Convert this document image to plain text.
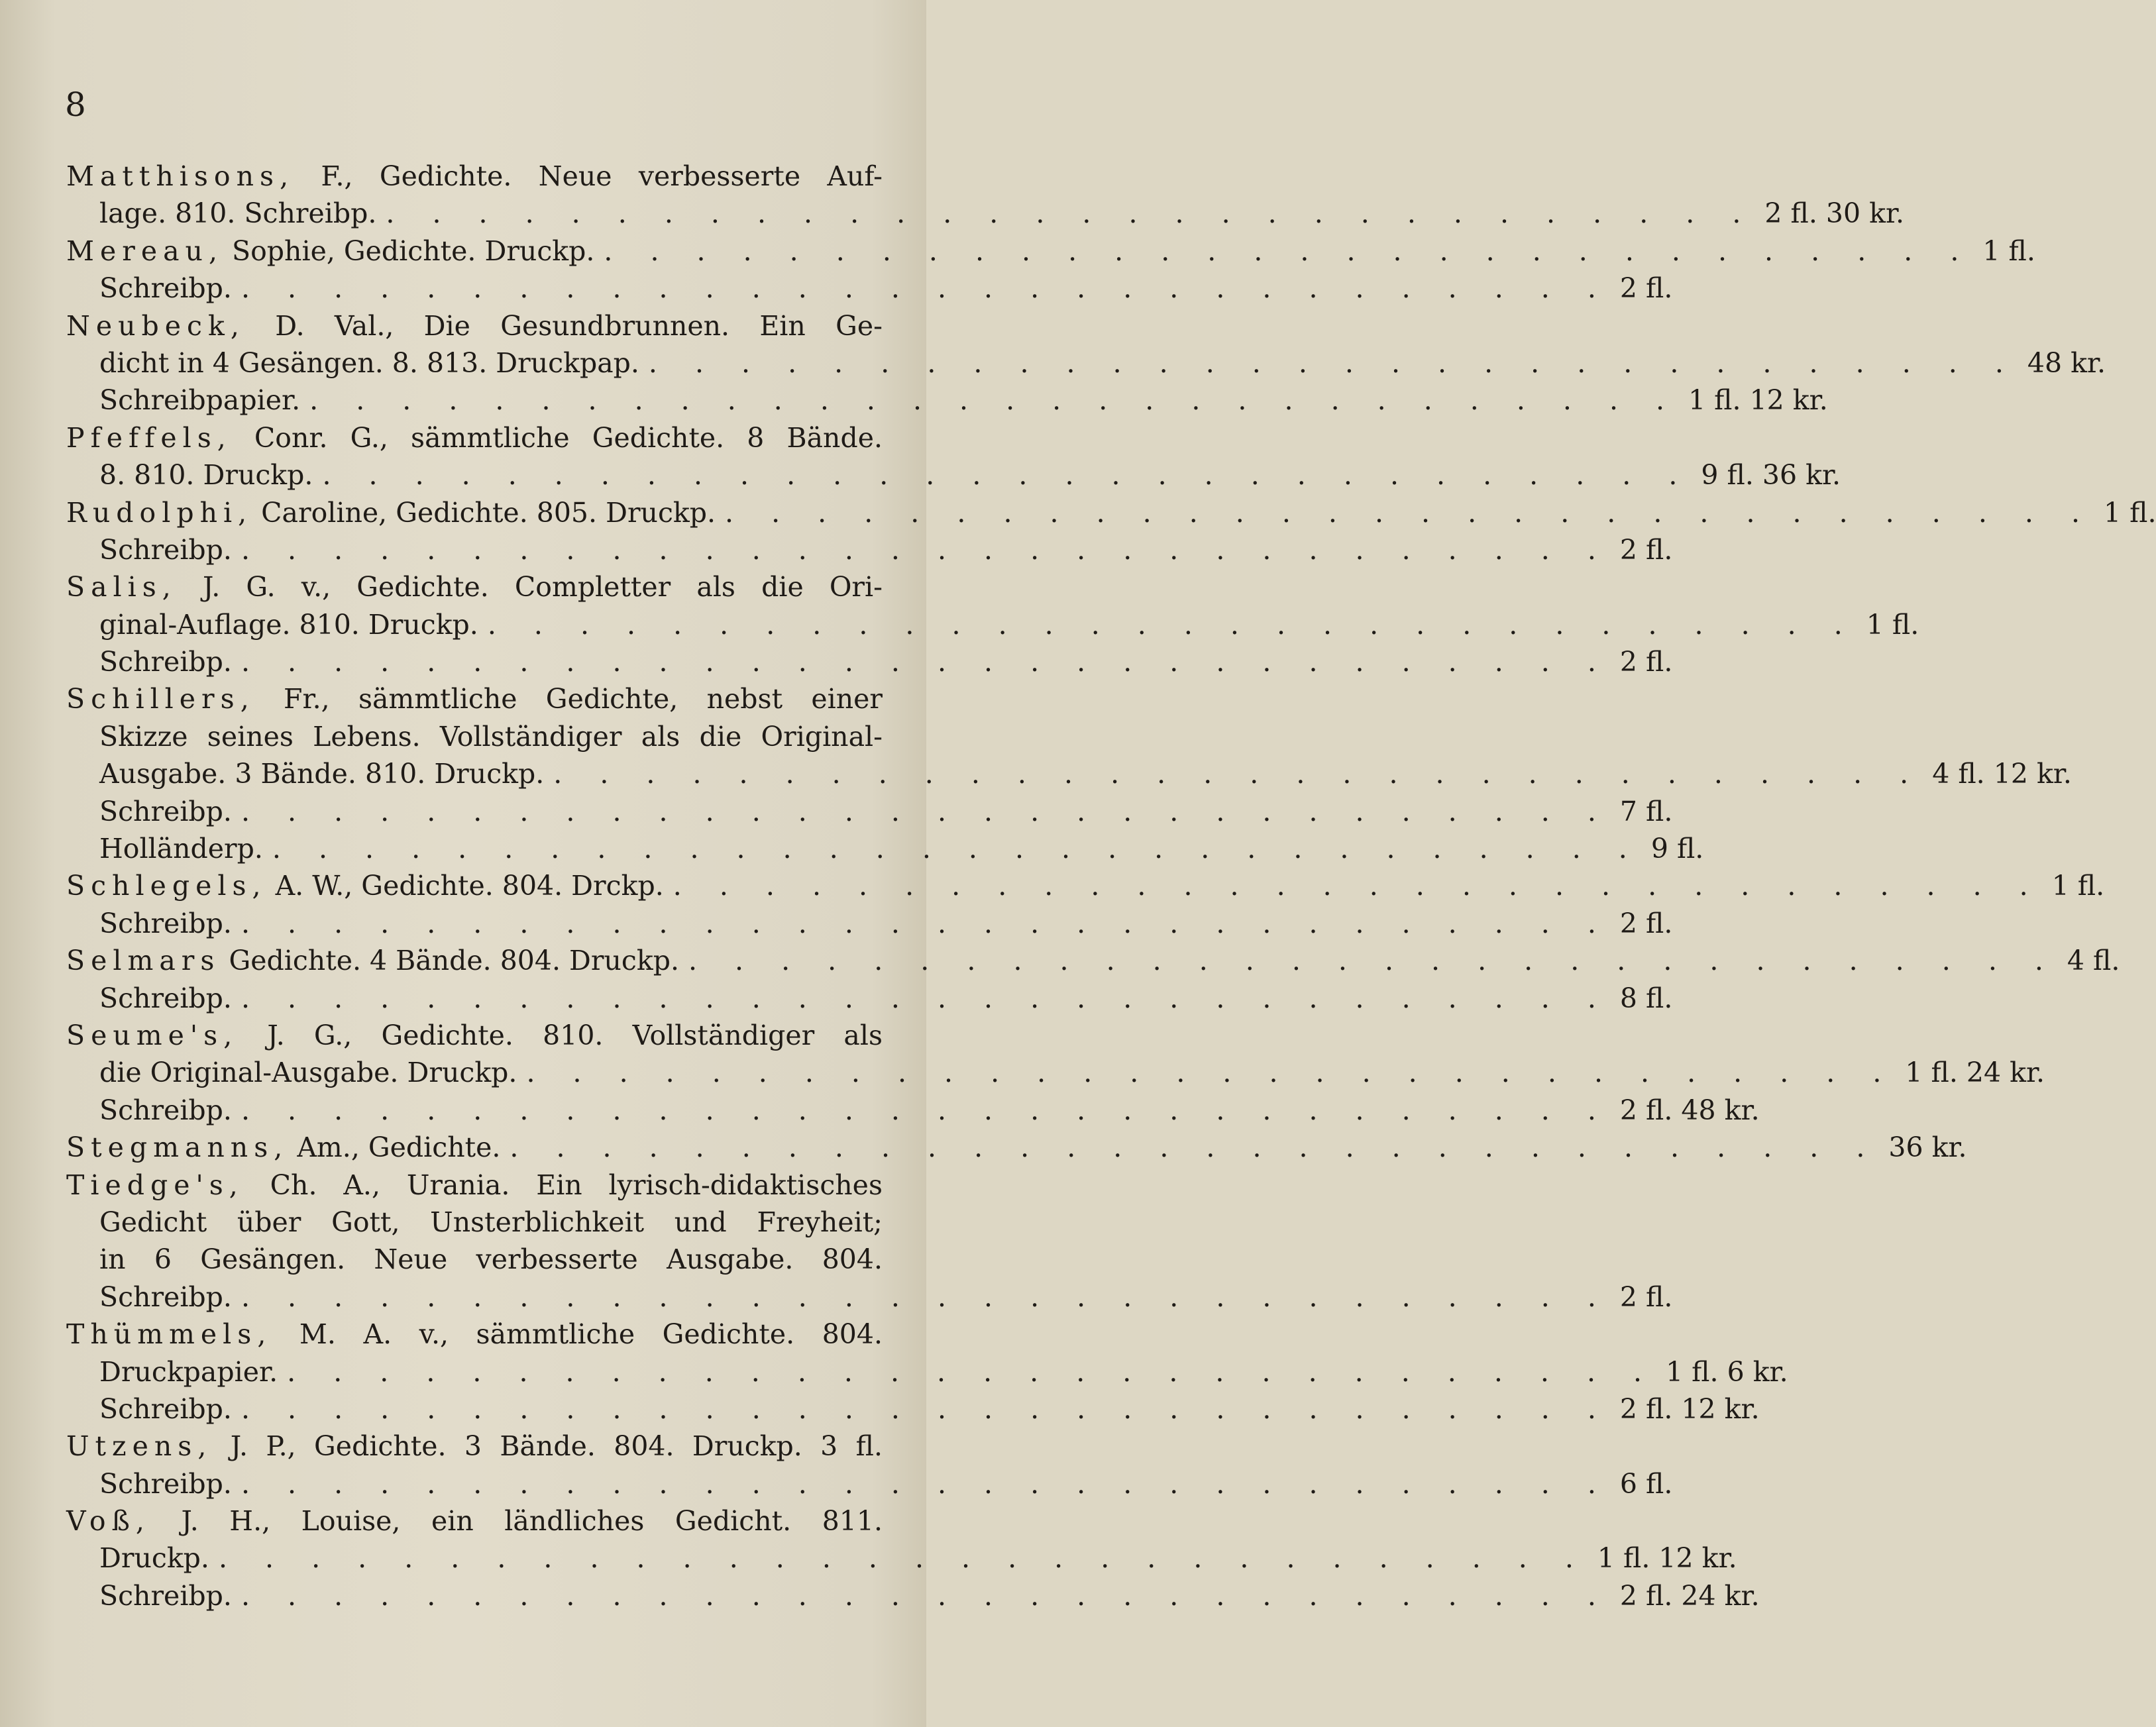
8
Matthisons, F., Gedichte. Neue verbesserte Auf-
lage. 810. Schreibp. . . . . . . . . . . . . . . . . . . . . . . . . . . . . . . 2 fl. 30 kr.
Mereau, Sophie, Gedichte. Druckp. . . . . . . . . . . . . . . . . . . . . . . . . . . . . . . 1 fl.
Schreibp. . . . . . . . . . . . . . . . . . . . . . . . . . . . . . . 2 fl.
Neubeck, D. Val., Die Gesundbrunnen. Ein Ge-
dicht in 4 Gesängen. 8. 813. Druckpap. . . . . . . . . . . . . . . . . . . . . . . . . . . . . . . 48 kr.
Schreibpapier. . . . . . . . . . . . . . . . . . . . . . . . . . . . . . . 1 fl. 12 kr.
Pfeffels, Conr. G., sämmtliche Gedichte. 8 Bände.
8. 810. Druckp. . . . . . . . . . . . . . . . . . . . . . . . . . . . . . . 9 fl. 36 kr.
Rudolphi, Caroline, Gedichte. 805. Druckp. . . . . . . . . . . . . . . . . . . . . . . . . . . . . . . 1 fl.
Schreibp. . . . . . . . . . . . . . . . . . . . . . . . . . . . . . . 2 fl.
Salis, J. G. v., Gedichte. Completter als die Ori-
ginal-Auflage. 810. Druckp. . . . . . . . . . . . . . . . . . . . . . . . . . . . . . . 1 fl.
Schreibp. . . . . . . . . . . . . . . . . . . . . . . . . . . . . . . 2 fl.
Schillers, Fr., sämmtliche Gedichte, nebst einer
Skizze seines Lebens. Vollständiger als die Original-
Ausgabe. 3 Bände. 810. Druckp. . . . . . . . . . . . . . . . . . . . . . . . . . . . . . . 4 fl. 12 kr.
Schreibp. . . . . . . . . . . . . . . . . . . . . . . . . . . . . . . 7 fl.
Holländerp. . . . . . . . . . . . . . . . . . . . . . . . . . . . . . . 9 fl.
Schlegels, A. W., Gedichte. 804. Drckp. . . . . . . . . . . . . . . . . . . . . . . . . . . . . . . 1 fl.
Schreibp. . . . . . . . . . . . . . . . . . . . . . . . . . . . . . . 2 fl.
Selmars Gedichte. 4 Bände. 804. Druckp. . . . . . . . . . . . . . . . . . . . . . . . . . . . . . . 4 fl.
Schreibp. . . . . . . . . . . . . . . . . . . . . . . . . . . . . . . 8 fl.
Seume's, J. G., Gedichte. 810. Vollständiger als
die Original-Ausgabe. Druckp. . . . . . . . . . . . . . . . . . . . . . . . . . . . . . . 1 fl. 24 kr.
Schreibp. . . . . . . . . . . . . . . . . . . . . . . . . . . . . . . 2 fl. 48 kr.
Stegmanns, Am., Gedichte. . . . . . . . . . . . . . . . . . . . . . . . . . . . . . . 36 kr.
Tiedge's, Ch. A., Urania. Ein lyrisch-didaktisches
Gedicht über Gott, Unsterblichkeit und Freyheit;
in 6 Gesängen. Neue verbesserte Ausgabe. 804.
Schreibp. . . . . . . . . . . . . . . . . . . . . . . . . . . . . . . 2 fl.
Thümmels, M. A. v., sämmtliche Gedichte. 804.
Druckpapier. . . . . . . . . . . . . . . . . . . . . . . . . . . . . . . 1 fl. 6 kr.
Schreibp. . . . . . . . . . . . . . . . . . . . . . . . . . . . . . . 2 fl. 12 kr.
Utzens, J. P., Gedichte. 3 Bände. 804. Druckp. 3 fl.
Schreibp. . . . . . . . . . . . . . . . . . . . . . . . . . . . . . . 6 fl.
Voß, J. H., Louise, ein ländliches Gedicht. 811.
Druckp. . . . . . . . . . . . . . . . . . . . . . . . . . . . . . . 1 fl. 12 kr.
Schreibp. . . . . . . . . . . . . . . . . . . . . . . . . . . . . . . 2 fl. 24 kr.
